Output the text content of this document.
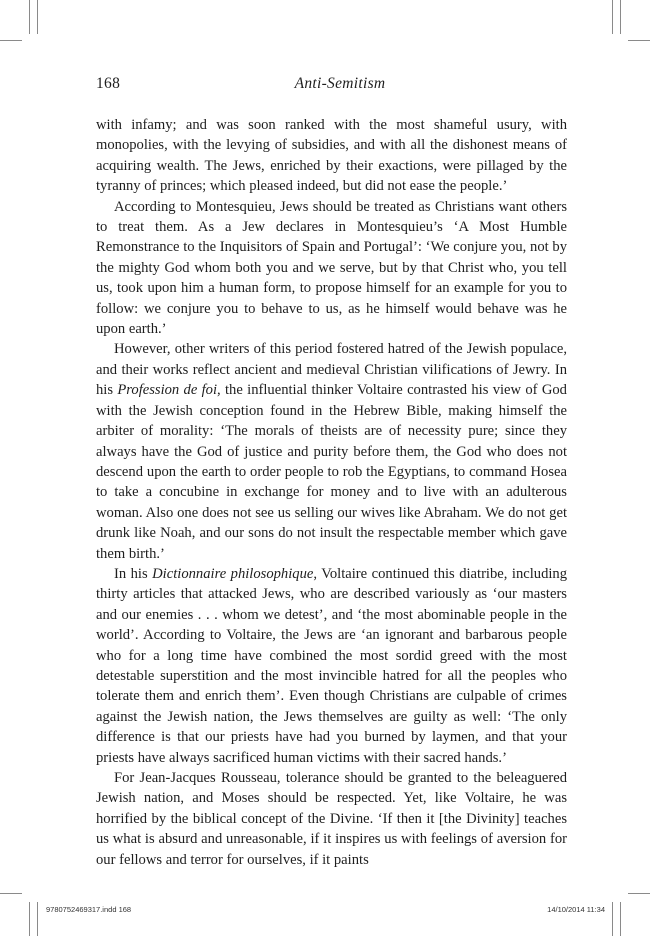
168	Anti-Semitism

with infamy; and was soon ranked with the most shameful usury, with monopolies, with the levying of subsidies, and with all the dishonest means of acquiring wealth. The Jews, enriched by their exactions, were pillaged by the tyranny of princes; which pleased indeed, but did not ease the people.’

According to Montesquieu, Jews should be treated as Christians want others to treat them. As a Jew declares in Montesquieu’s ‘A Most Humble Remonstrance to the Inquisitors of Spain and Portugal’: ‘We conjure you, not by the mighty God whom both you and we serve, but by that Christ who, you tell us, took upon him a human form, to propose himself for an example for you to follow: we conjure you to behave to us, as he himself would behave was he upon earth.’

However, other writers of this period fostered hatred of the Jewish populace, and their works reflect ancient and medieval Christian vilifications of Jewry. In his Profession de foi, the influential thinker Voltaire contrasted his view of God with the Jewish conception found in the Hebrew Bible, making himself the arbiter of morality: ‘The morals of theists are of necessity pure; since they always have the God of justice and purity before them, the God who does not descend upon the earth to order people to rob the Egyptians, to command Hosea to take a concubine in exchange for money and to live with an adulterous woman. Also one does not see us selling our wives like Abraham. We do not get drunk like Noah, and our sons do not insult the respectable member which gave them birth.’

In his Dictionnaire philosophique, Voltaire continued this diatribe, including thirty articles that attacked Jews, who are described variously as ‘our masters and our enemies . . . whom we detest’, and ‘the most abominable people in the world’. According to Voltaire, the Jews are ‘an ignorant and barbarous people who for a long time have combined the most sordid greed with the most detestable superstition and the most invincible hatred for all the peoples who tolerate them and enrich them’. Even though Christians are culpable of crimes against the Jewish nation, the Jews themselves are guilty as well: ‘The only difference is that our priests have had you burned by laymen, and that your priests have always sacrificed human victims with their sacred hands.’

For Jean-Jacques Rousseau, tolerance should be granted to the beleaguered Jewish nation, and Moses should be respected. Yet, like Voltaire, he was horrified by the biblical concept of the Divine. ‘If then it [the Divinity] teaches us what is absurd and unreasonable, if it inspires us with feelings of aversion for our fellows and terror for ourselves, if it paints

9780752469317.indd 168	14/10/2014 11:34
